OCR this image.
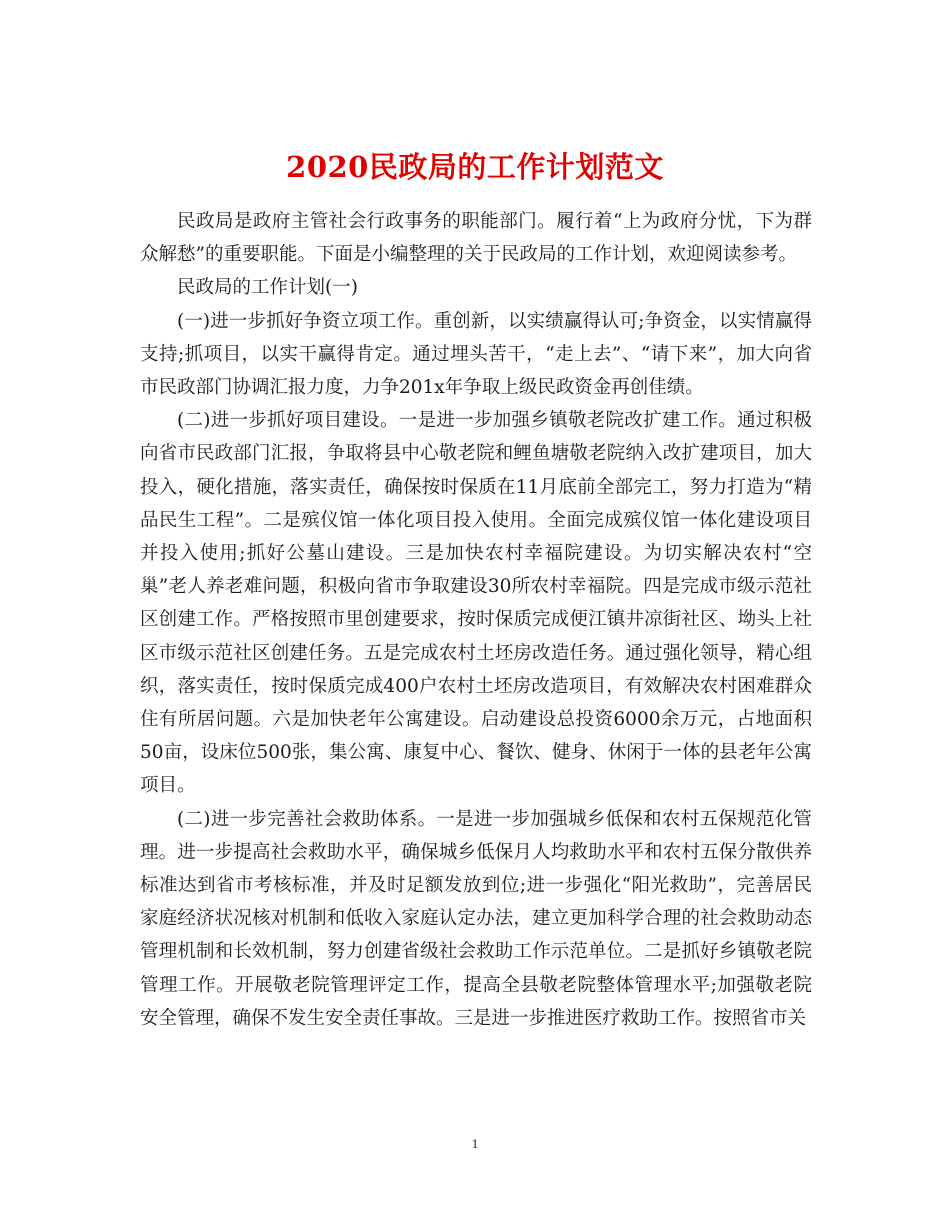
2020民政局的工作计划范文

民政局是政府主管社会行政事务的职能部门。履行着“上为政府分忧，下为群众解愁”的重要职能。下面是小编整理的关于民政局的工作计划，欢迎阅读参考。

民政局的工作计划(一)

(一)进一步抓好争资立项工作。重创新，以实绩赢得认可;争资金，以实情赢得支持;抓项目，以实干赢得肯定。通过埋头苦干，“走上去”、“请下来”，加大向省市民政部门协调汇报力度，力争201x年争取上级民政资金再创佳绩。

(二)进一步抓好项目建设。一是进一步加强乡镇敬老院改扩建工作。通过积极向省市民政部门汇报，争取将县中心敬老院和鲤鱼塘敬老院纳入改扩建项目，加大投入，硬化措施，落实责任，确保按时保质在11月底前全部完工，努力打造为“精品民生工程”。二是殡仪馆一体化项目投入使用。全面完成殡仪馆一体化建设项目并投入使用;抓好公墓山建设。三是加快农村幸福院建设。为切实解决农村“空巢”老人养老难问题，积极向省市争取建设30所农村幸福院。四是完成市级示范社区创建工作。严格按照市里创建要求，按时保质完成便江镇井凉街社区、坳头上社区市级示范社区创建任务。五是完成农村土坯房改造任务。通过强化领导，精心组织，落实责任，按时保质完成400户农村土坯房改造项目，有效解决农村困难群众住有所居问题。六是加快老年公寓建设。启动建设总投资6000余万元，占地面积50亩，设床位500张，集公寓、康复中心、餐饮、健身、休闲于一体的县老年公寓项目。

(二)进一步完善社会救助体系。一是进一步加强城乡低保和农村五保规范化管理。进一步提高社会救助水平，确保城乡低保月人均救助水平和农村五保分散供养标准达到省市考核标准，并及时足额发放到位;进一步强化“阳光救助”，完善居民家庭经济状况核对机制和低收入家庭认定办法，建立更加科学合理的社会救助动态管理机制和长效机制，努力创建省级社会救助工作示范单位。二是抓好乡镇敬老院管理工作。开展敬老院管理评定工作，提高全县敬老院整体管理水平;加强敬老院安全管理，确保不发生安全责任事故。三是进一步推进医疗救助工作。按照省市关

1
